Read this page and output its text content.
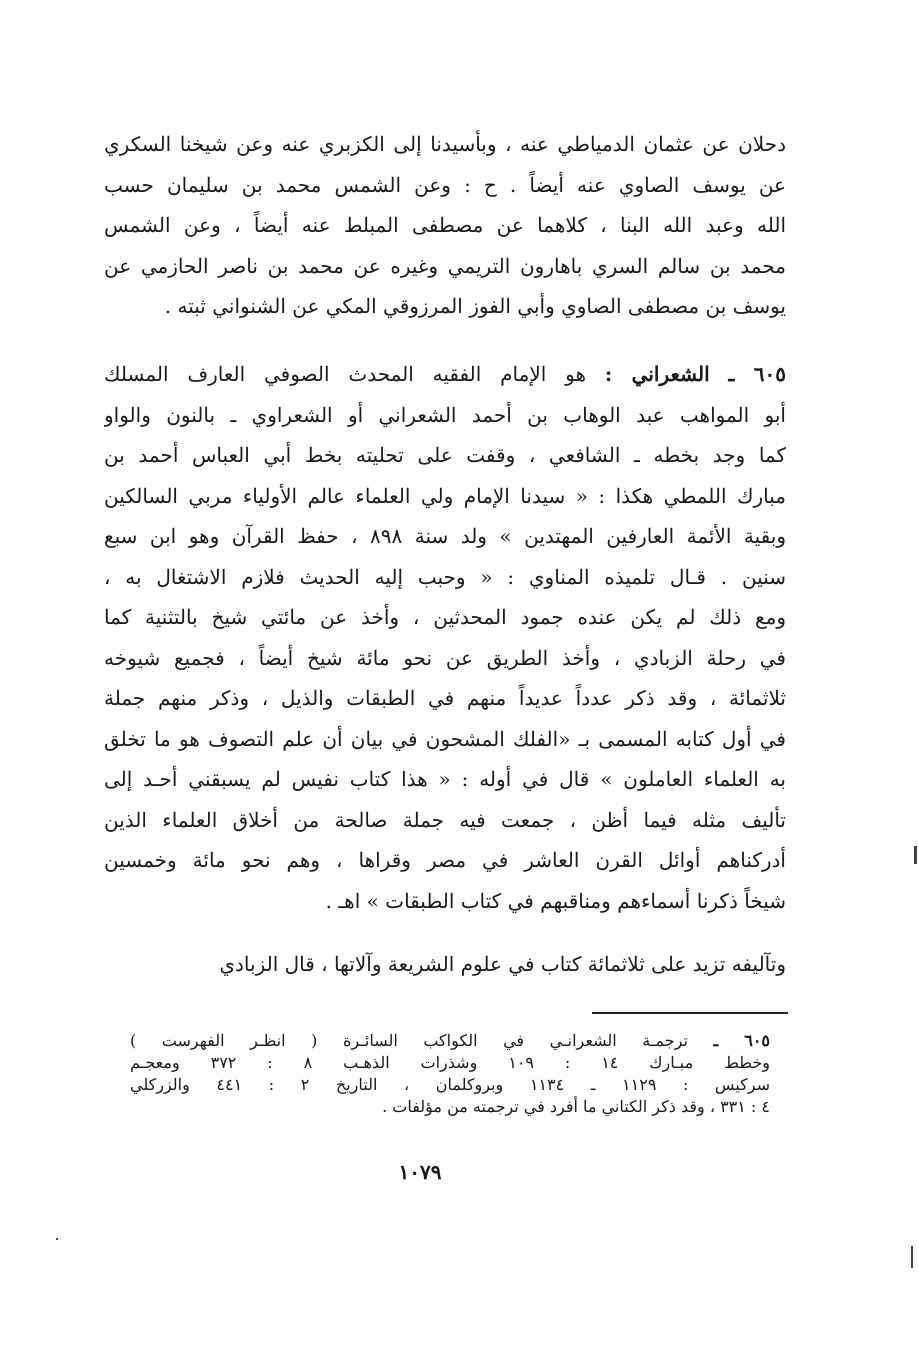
دحلان عن عثمان الدمياطي عنه ، وبأسيدنا إلى الكزبري عنه وعن شيخنا السكري
عن يوسف الصاوي عنه أيضاً . ح : وعن الشمس محمد بن سليمان حسب
الله وعبد الله البنا ، كلاهما عن مصطفى المبلط عنه أيضاً ، وعن الشمس
محمد بن سالم السري باهارون التريمي وغيره عن محمد بن ناصر الحازمي عن
يوسف بن مصطفى الصاوي وأبي الفوز المرزوقي المكي عن الشنواني ثبته .
٦٠٥ ـ الشعراني : هو الإمام الفقيه المحدث الصوفي العارف المسلك
أبو المواهب عبد الوهاب بن أحمد الشعراني أو الشعراوي ـ بالنون والواو
كما وجد بخطه ـ الشافعي ، وقفت على تحليته بخط أبي العباس أحمد بن
مبارك اللمطي هكذا : « سيدنا الإمام ولي العلماء عالم الأولياء مربي السالكين
وبقية الأئمة العارفين المهتدين » ولد سنة ٨٩٨ ، حفظ القرآن وهو ابن سبع
سنين . قـال تلميذه المناوي : « وحبب إليه الحديث فلازم الاشتغال به ،
ومع ذلك لم يكن عنده جمود المحدثين ، وأخذ عن مائتي شيخ بالتثنية كما
في رحلة الزبادي ، وأخذ الطريق عن نحو مائة شيخ أيضاً ، فجميع شيوخه
ثلاثمائة ، وقد ذكر عدداً عديداً منهم في الطبقات والذيل ، وذكر منهم جملة
في أول كتابه المسمى بـ «الفلك المشحون في بيان أن علم التصوف هو ما تخلق
به العلماء العاملون » قال في أوله : « هذا كتاب نفيس لم يسبقني أحـد إلى
تأليف مثله فيما أظن ، جمعت فيه جملة صالحة من أخلاق العلماء الذين
أدركناهم أوائل القرن العاشر في مصر وقراها ، وهم نحو مائة وخمسين
شيخاً ذكرنا أسماءهم ومناقبهم في كتاب الطبقات » اهـ .
وتآليفه تزيد على ثلاثمائة كتاب في علوم الشريعة وآلاتها ، قال الزبادي
٦٠٥ ـ ترجمـة الشعرانـي في الكواكب السائـرة ( انظـر الفهرست )
وخطط مبـارك ١٤ : ١٠٩ وشذرات الذهـب ٨ : ٣٧٢ ومعجـم
سركيس : ١١٢٩ ـ ١١٣٤ وبروكلمان ، التاريخ ٢ : ٤٤١ والزركلي
٤ : ٣٣١ ، وقد ذكر الكتاني ما أفرد في ترجمته من مؤلفات .
١٠٧٩
